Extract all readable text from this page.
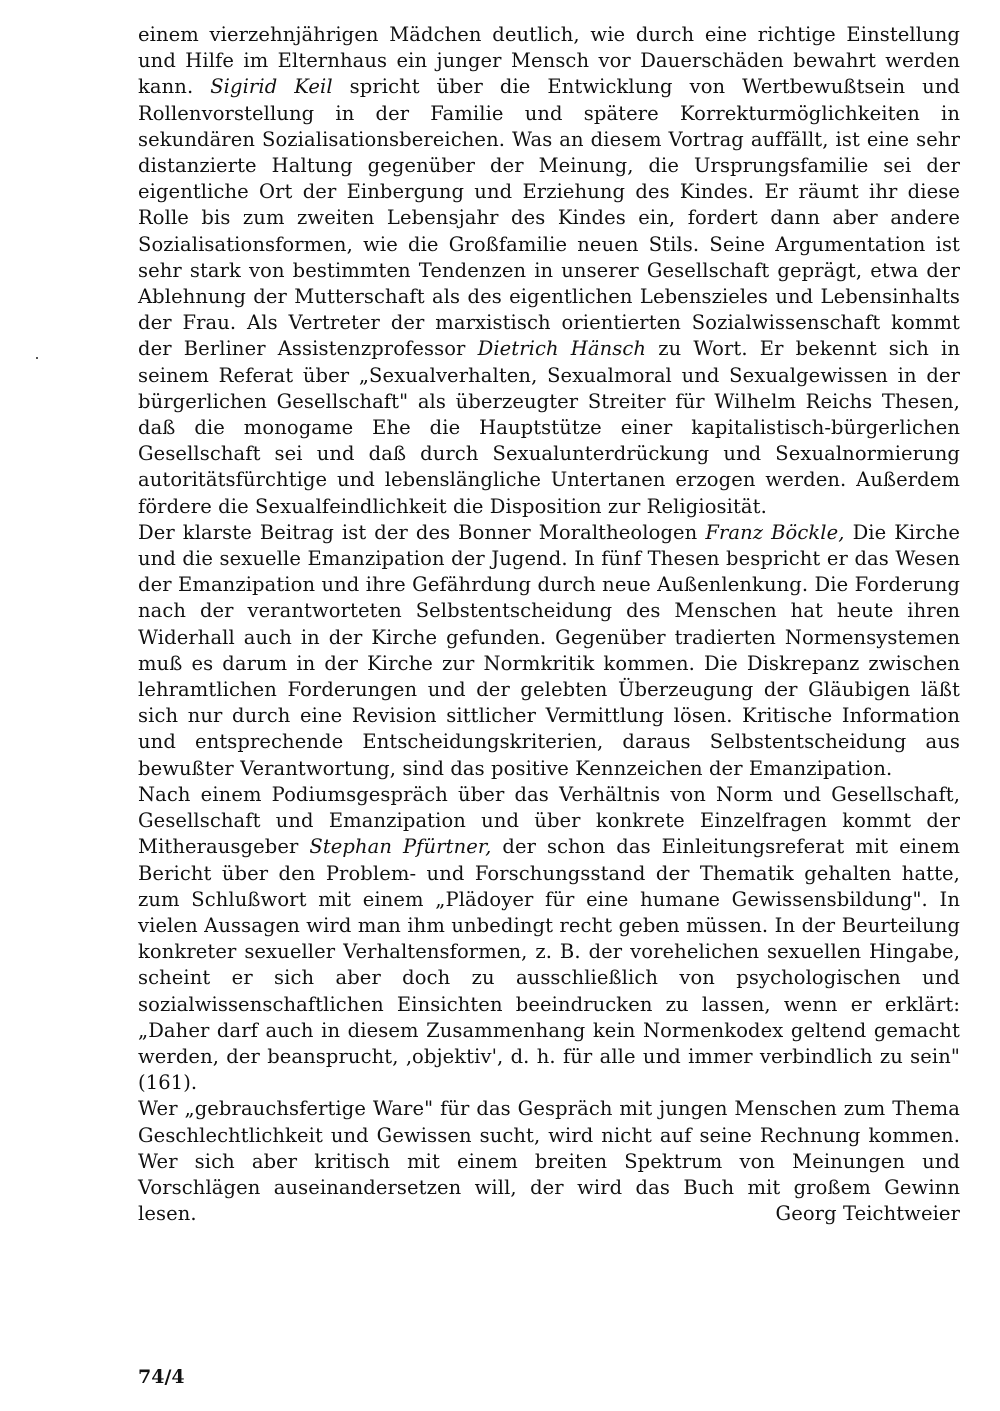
einem vierzehnjährigen Mädchen deutlich, wie durch eine richtige Einstellung und Hilfe im Elternhaus ein junger Mensch vor Dauerschäden bewahrt werden kann. Sigirid Keil spricht über die Entwicklung von Wertbewußtsein und Rollenvorstellung in der Familie und spätere Korrekturmöglichkeiten in sekundären Sozialisationsbereichen. Was an diesem Vortrag auffällt, ist eine sehr distanzierte Haltung gegenüber der Meinung, die Ursprungsfamilie sei der eigentliche Ort der Einbergung und Erziehung des Kindes. Er räumt ihr diese Rolle bis zum zweiten Lebensjahr des Kindes ein, fordert dann aber andere Sozialisationsformen, wie die Großfamilie neuen Stils. Seine Argumentation ist sehr stark von bestimmten Tendenzen in unserer Gesellschaft geprägt, etwa der Ablehnung der Mutterschaft als des eigentlichen Lebenszieles und Lebensinhalts der Frau. Als Vertreter der marxistisch orientierten Sozialwissenschaft kommt der Berliner Assistenzprofessor Dietrich Hänsch zu Wort. Er bekennt sich in seinem Referat über „Sexualverhalten, Sexualmoral und Sexualgewissen in der bürgerlichen Gesellschaft" als überzeugter Streiter für Wilhelm Reichs Thesen, daß die monogame Ehe die Hauptstütze einer kapitalistisch-bürgerlichen Gesellschaft sei und daß durch Sexualunterdrückung und Sexualnormierung autoritätsfürchtige und lebenslängliche Untertanen erzogen werden. Außerdem fördere die Sexualfeindlichkeit die Disposition zur Religiosität.

Der klarste Beitrag ist der des Bonner Moraltheologen Franz Böckle, Die Kirche und die sexuelle Emanzipation der Jugend. In fünf Thesen bespricht er das Wesen der Emanzipation und ihre Gefährdung durch neue Außenlenkung. Die Forderung nach der verantworteten Selbstentscheidung des Menschen hat heute ihren Widerhall auch in der Kirche gefunden. Gegenüber tradierten Normensystemen muß es darum in der Kirche zur Normkritik kommen. Die Diskrepanz zwischen lehramtlichen Forderungen und der gelebten Überzeugung der Gläubigen läßt sich nur durch eine Revision sittlicher Vermittlung lösen. Kritische Information und entsprechende Entscheidungskriterien, daraus Selbstentscheidung aus bewußter Verantwortung, sind das positive Kennzeichen der Emanzipation.

Nach einem Podiumsgespräch über das Verhältnis von Norm und Gesellschaft, Gesellschaft und Emanzipation und über konkrete Einzelfragen kommt der Mitherausgeber Stephan Pfürtner, der schon das Einleitungsreferat mit einem Bericht über den Problem- und Forschungsstand der Thematik gehalten hatte, zum Schlußwort mit einem „Plädoyer für eine humane Gewissensbildung". In vielen Aussagen wird man ihm unbedingt recht geben müssen. In der Beurteilung konkreter sexueller Verhaltensformen, z. B. der vorehelichen sexuellen Hingabe, scheint er sich aber doch zu ausschließlich von psychologischen und sozialwissenschaftlichen Einsichten beeindrucken zu lassen, wenn er erklärt: „Daher darf auch in diesem Zusammenhang kein Normenkodex geltend gemacht werden, der beansprucht, ‚objektiv', d. h. für alle und immer verbindlich zu sein" (161).

Wer „gebrauchsfertige Ware" für das Gespräch mit jungen Menschen zum Thema Geschlechtlichkeit und Gewissen sucht, wird nicht auf seine Rechnung kommen. Wer sich aber kritisch mit einem breiten Spektrum von Meinungen und Vorschlägen auseinandersetzen will, der wird das Buch mit großem Gewinn lesen.	Georg Teichtweier

74/4
